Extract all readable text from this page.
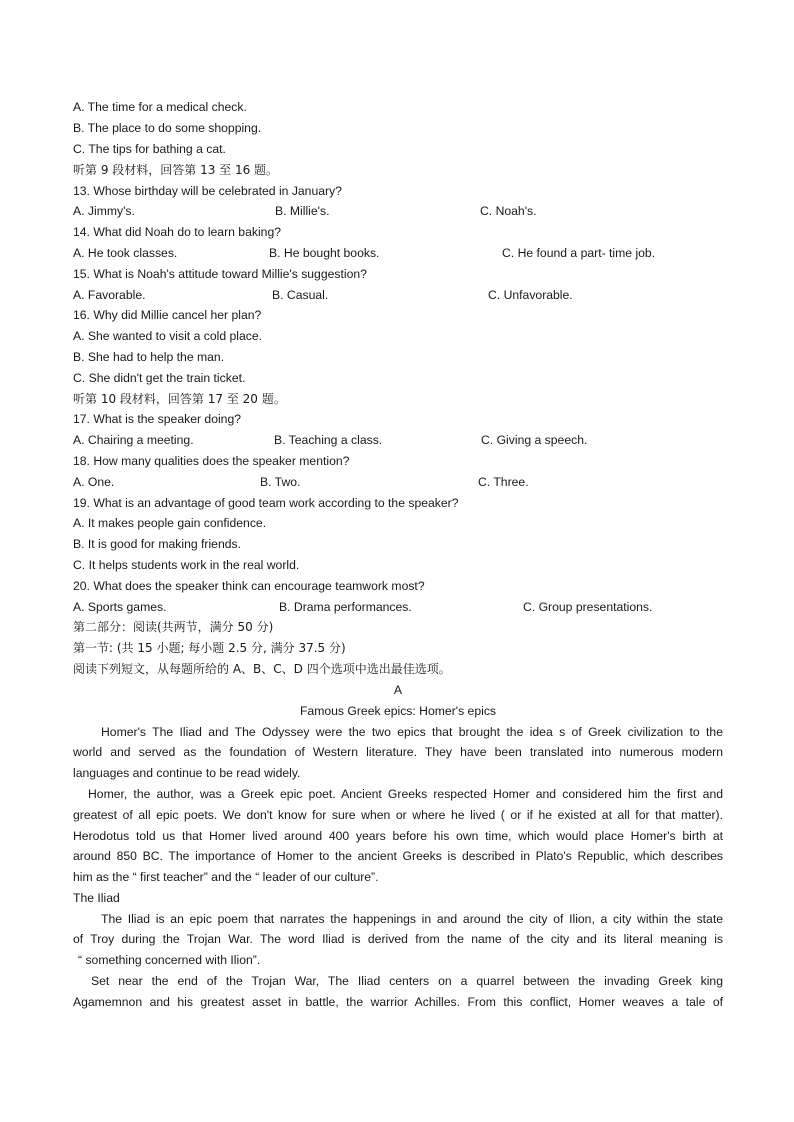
A. The time for a medical check.
B. The place to do some shopping.
C. The tips for bathing a cat.
听第 9 段材料，回答第 13 至 16 题。
13. Whose birthday will be celebrated in January?
A. Jimmy's.	B. Millie's.	C. Noah's.
14. What did Noah do to learn baking?
A. He took classes.	B. He bought books.	C. He found a part- time job.
15. What is Noah's attitude toward Millie's suggestion?
A. Favorable.	B. Casual.	C. Unfavorable.
16. Why did Millie cancel her plan?
A. She wanted to visit a cold place.
B. She had to help the man.
C. She didn't get the train ticket.
听第 10 段材料，回答第 17 至 20 题。
17. What is the speaker doing?
A. Chairing a meeting.	B. Teaching a class.	C. Giving a speech.
18. How many qualities does the speaker mention?
A. One.	B. Two.	C. Three.
19. What is an advantage of good team work according to the speaker?
A. It makes people gain confidence.
B. It is good for making friends.
C. It helps students work in the real world.
20. What does the speaker think can encourage teamwork most?
A. Sports games.	B. Drama performances.	C. Group presentations.
第二部分：阅读(共两节，满分 50 分)
第一节: (共 15 小题; 每小题 2.5 分, 满分 37.5 分)
阅读下列短文，从每题所给的 A、B、C、D 四个选项中选出最佳选项。
A
Famous Greek epics: Homer's epics
Homer's The Iliad and The Odyssey were the two epics that brought the idea s of Greek civilization to the
world and served as the foundation of Western literature. They have been translated into numerous modern
languages and continue to be read widely.
Homer, the author, was a Greek epic poet. Ancient Greeks respected Homer and considered him the first and
greatest of all epic poets. We don't know for sure when or where he lived ( or if he existed at all for that matter).
Herodotus told us that Homer lived around 400 years before his own time, which would place Homer's birth at
around 850 BC. The importance of Homer to the ancient Greeks is described in Plato's Republic, which describes
him as the “ first teacher” and the “ leader of our culture”.
The Iliad
The Iliad is an epic poem that narrates the happenings in and around the city of Ilion, a city within the state
of Troy during the Trojan War. The word Iliad is derived from the name of the city and its literal meaning is
“ something concerned with Ilion”.
Set near the end of the Trojan War, The Iliad centers on a quarrel between the invading Greek king
Agamemnon and his greatest asset in battle, the warrior Achilles. From this conflict, Homer weaves a tale of
